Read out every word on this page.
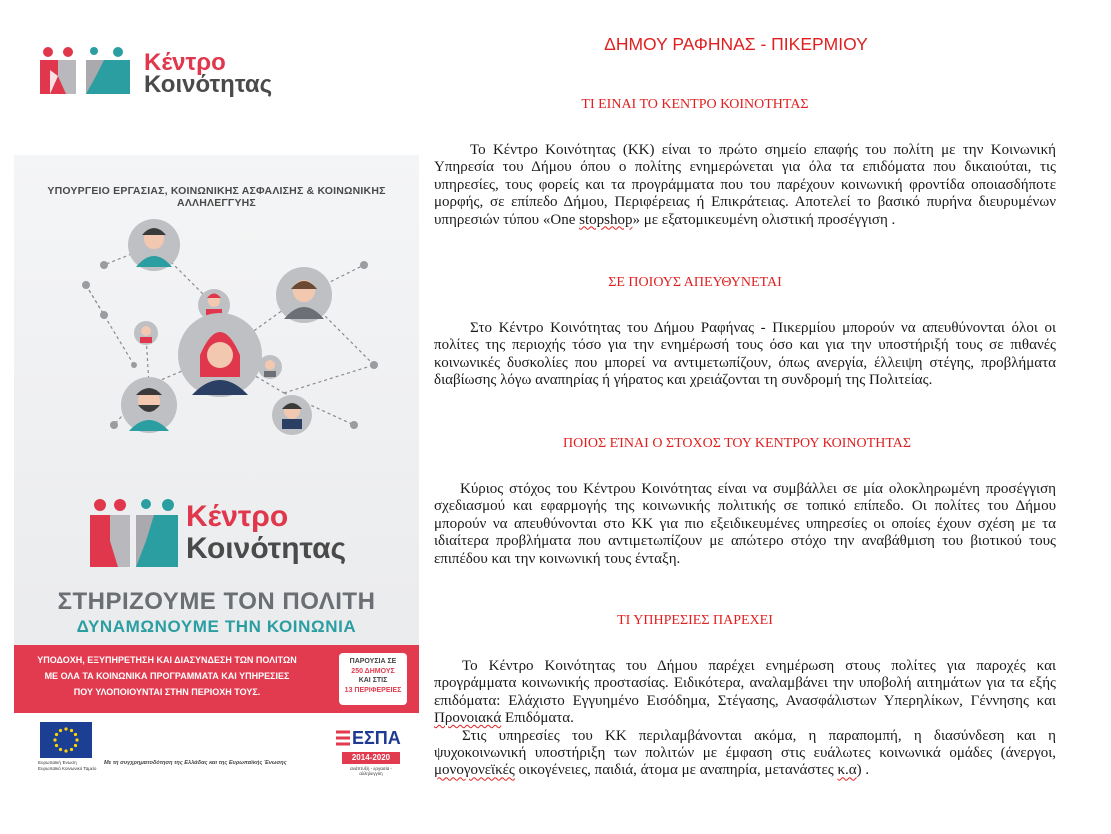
Κέντρο
Κοινότητας
ΥΠΟΥΡΓΕΙΟ ΕΡΓΑΣΙΑΣ, ΚΟΙΝΩΝΙΚΗΣ ΑΣΦΑΛΙΣΗΣ & ΚΟΙΝΩΝΙΚΗΣ ΑΛΛΗΛΕΓΓΥΗΣ
Κέντρο
Κοινότητας
ΣΤΗΡΙΖΟΥΜΕ ΤΟΝ ΠΟΛΙΤΗ
ΔΥΝΑΜΩΝΟΥΜΕ ΤΗΝ ΚΟΙΝΩΝΙΑ
ΥΠΟΔΟΧΗ, ΕΞΥΠΗΡΕΤΗΣΗ ΚΑΙ ΔΙΑΣΥΝΔΕΣΗ ΤΩΝ ΠΟΛΙΤΩΝ
ΜΕ ΟΛΑ ΤΑ ΚΟΙΝΩΝΙΚΑ ΠΡΟΓΡΑΜΜΑΤΑ ΚΑΙ ΥΠΗΡΕΣΙΕΣ
ΠΟΥ ΥΛΟΠΟΙΟΥΝΤΑΙ ΣΤΗΝ ΠΕΡΙΟΧΗ ΤΟΥΣ.
ΠΑΡΟΥΣΙΑ ΣΕ
250 ΔΗΜΟΥΣ
ΚΑΙ ΣΤΙΣ
13 ΠΕΡΙΦΕΡΕΙΕΣ
Ευρωπαϊκή Ένωση Ευρωπαϊκό Κοινωνικό Ταμείο
Με τη συγχρηματοδότηση της Ελλάδας και της Ευρωπαϊκής Ένωσης
ΕΣΠΑ
2014-2020
ανάπτυξη - εργασία - αλληλεγγύη
ΔΗΜΟΥ ΡΑΦΗΝΑΣ - ΠΙΚΕΡΜΙΟΥ
ΤΙ ΕΙΝΑΙ ΤΟ ΚΕΝΤΡΟ ΚΟΙΝΟΤΗΤΑΣ
Το Κέντρο Κοινότητας (ΚΚ) είναι το πρώτο σημείο επαφής του πολίτη με την Κοινωνική Υπηρεσία του Δήμου όπου ο πολίτης ενημερώνεται για όλα τα επιδόματα που δικαιούται, τις υπηρεσίες, τους φορείς και τα προγράμματα που του παρέχουν κοινωνική φροντίδα οποιασδήποτε μορφής, σε επίπεδο Δήμου, Περιφέρειας ή Επικράτειας. Αποτελεί το βασικό πυρήνα διευρυμένων υπηρεσιών τύπου «One stopshop» με εξατομικευμένη ολιστική προσέγγιση .
ΣΕ ΠΟΙΟΥΣ ΑΠΕΥΘΥΝΕΤΑΙ
Στο Κέντρο Κοινότητας του Δήμου Ραφήνας - Πικερμίου μπορούν να απευθύνονται όλοι οι πολίτες της περιοχής τόσο για την ενημέρωσή τους όσο και για την υποστήριξή τους σε πιθανές κοινωνικές δυσκολίες που μπορεί να αντιμετωπίζουν, όπως ανεργία, έλλειψη στέγης, προβλήματα διαβίωσης λόγω αναπηρίας ή γήρατος και χρειάζονται τη συνδρομή της Πολιτείας.
ΠΟΙΟΣ ΕΊΝΑΙ Ο ΣΤΟΧΟΣ ΤΟΥ ΚΕΝΤΡΟΥ ΚΟΙΝΟΤΗΤΑΣ
Κύριος στόχος του Κέντρου Κοινότητας είναι να συμβάλλει σε μία ολοκληρωμένη προσέγγιση σχεδιασμού και εφαρμογής της κοινωνικής πολιτικής σε τοπικό επίπεδο. Οι πολίτες του Δήμου μπορούν να απευθύνονται στο ΚΚ για πιο εξειδικευμένες υπηρεσίες οι οποίες έχουν σχέση με τα ιδιαίτερα προβλήματα που αντιμετωπίζουν με απώτερο στόχο την αναβάθμιση του βιοτικού τους επιπέδου και την κοινωνική τους ένταξη.
ΤΙ ΥΠΗΡΕΣΙΕΣ ΠΑΡΕΧΕΙ
Το Κέντρο Κοινότητας του Δήμου παρέχει ενημέρωση στους πολίτες για παροχές και προγράμματα κοινωνικής προστασίας. Ειδικότερα, αναλαμβάνει την υποβολή αιτημάτων για τα εξής επιδόματα: Ελάχιστο Εγγυημένο Εισόδημα, Στέγασης, Ανασφάλιστων Υπερηλίκων, Γέννησης και Προνοιακά Επιδόματα.
Στις υπηρεσίες του ΚΚ περιλαμβάνονται ακόμα, η παραπομπή, η διασύνδεση και η ψυχοκοινωνική υποστήριξη των πολιτών με έμφαση στις ευάλωτες κοινωνικά ομάδες (άνεργοι, μονογονεϊκές οικογένειες, παιδιά, άτομα με αναπηρία, μετανάστες κ.α) .
